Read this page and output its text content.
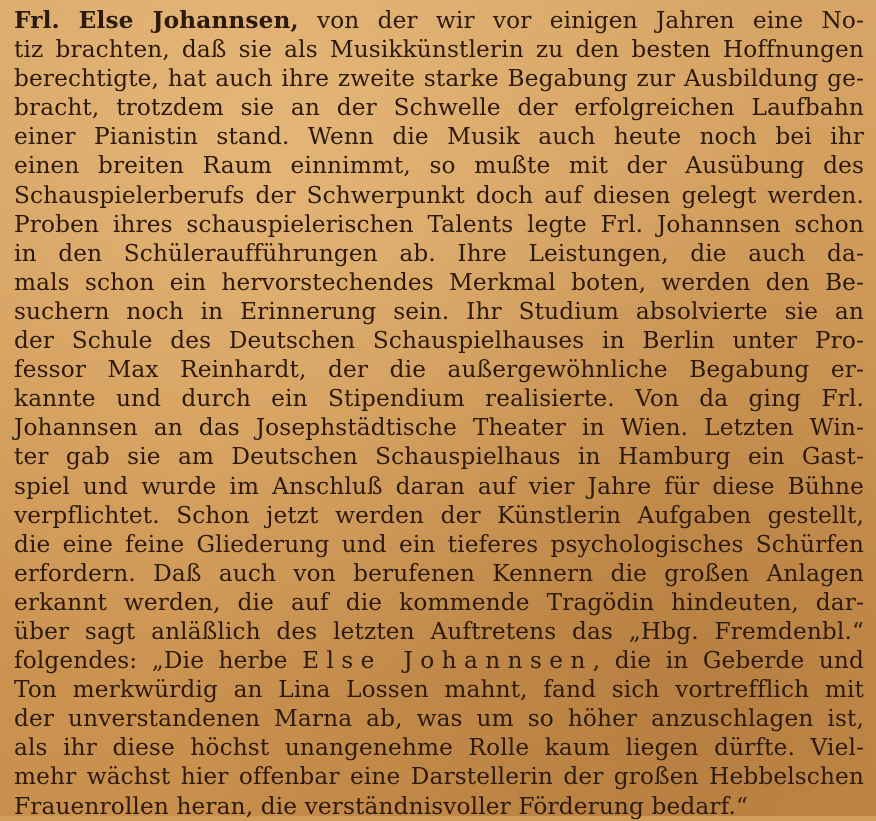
Frl. Else Johannsen, von der wir vor einigen Jahren eine No-
tiz brachten, daß sie als Musikkünstlerin zu den besten Hoffnungen
berechtigte, hat auch ihre zweite starke Begabung zur Ausbildung ge-
bracht, trotzdem sie an der Schwelle der erfolgreichen Laufbahn
einer Pianistin stand. Wenn die Musik auch heute noch bei ihr
einen breiten Raum einnimmt, so mußte mit der Ausübung des
Schauspielerberufs der Schwerpunkt doch auf diesen gelegt werden.
Proben ihres schauspielerischen Talents legte Frl. Johannsen schon
in den Schüleraufführungen ab. Ihre Leistungen, die auch da-
mals schon ein hervorstechendes Merkmal boten, werden den Be-
suchern noch in Erinnerung sein. Ihr Studium absolvierte sie an
der Schule des Deutschen Schauspielhauses in Berlin unter Pro-
fessor Max Reinhardt, der die außergewöhnliche Begabung er-
kannte und durch ein Stipendium realisierte. Von da ging Frl.
Johannsen an das Josephstädtische Theater in Wien. Letzten Win-
ter gab sie am Deutschen Schauspielhaus in Hamburg ein Gast-
spiel und wurde im Anschluß daran auf vier Jahre für diese Bühne
verpflichtet. Schon jetzt werden der Künstlerin Aufgaben gestellt,
die eine feine Gliederung und ein tieferes psychologisches Schürfen
erfordern. Daß auch von berufenen Kennern die großen Anlagen
erkannt werden, die auf die kommende Tragödin hindeuten, dar-
über sagt anläßlich des letzten Auftretens das „Hbg. Fremdenbl.“
folgendes: „Die herbe Else Johannsen, die in Geberde und
Ton merkwürdig an Lina Lossen mahnt, fand sich vortrefflich mit
der unverstandenen Marna ab, was um so höher anzuschlagen ist,
als ihr diese höchst unangenehme Rolle kaum liegen dürfte. Viel-
mehr wächst hier offenbar eine Darstellerin der großen Hebbelschen
Frauenrollen heran, die verständnisvoller Förderung bedarf.“
